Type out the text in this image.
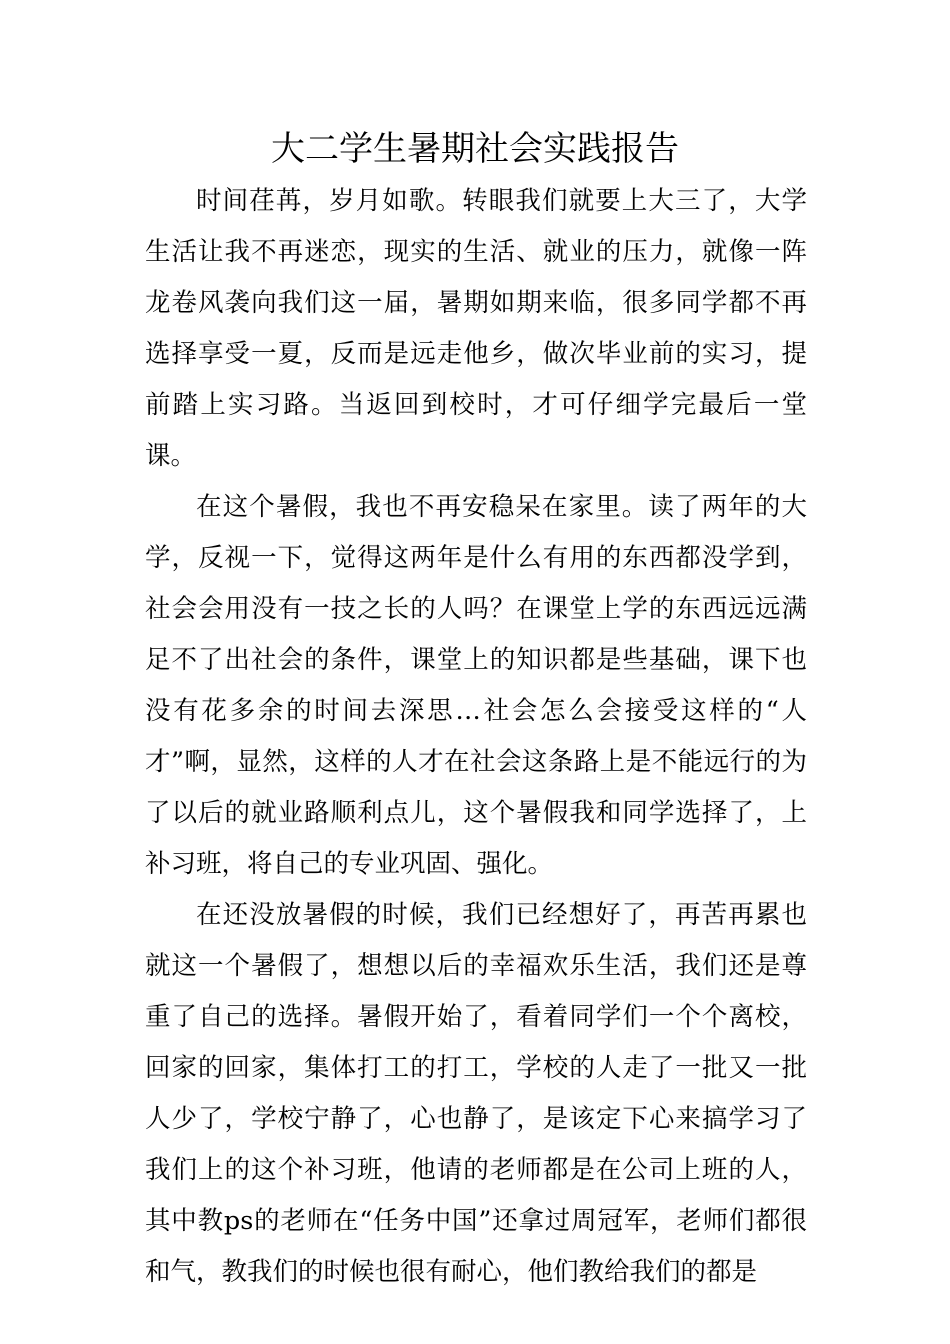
大二学生暑期社会实践报告

时间荏苒，岁月如歌。转眼我们就要上大三了，大学生活让我不再迷恋，现实的生活、就业的压力，就像一阵龙卷风袭向我们这一届，暑期如期来临，很多同学都不再选择享受一夏，反而是远走他乡，做次毕业前的实习，提前踏上实习路。当返回到校时，才可仔细学完最后一堂课。

在这个暑假，我也不再安稳呆在家里。读了两年的大学，反视一下，觉得这两年是什么有用的东西都没学到，社会会用没有一技之长的人吗？在课堂上学的东西远远满足不了出社会的条件，课堂上的知识都是些基础，课下也没有花多余的时间去深思…社会怎么会接受这样的“人才”啊，显然，这样的人才在社会这条路上是不能远行的为了以后的就业路顺利点儿，这个暑假我和同学选择了，上补习班，将自己的专业巩固、强化。

在还没放暑假的时候，我们已经想好了，再苦再累也就这一个暑假了，想想以后的幸福欢乐生活，我们还是尊重了自己的选择。暑假开始了，看着同学们一个个离校，回家的回家，集体打工的打工，学校的人走了一批又一批人少了，学校宁静了，心也静了，是该定下心来搞学习了我们上的这个补习班，他请的老师都是在公司上班的人，其中教ps的老师在“任务中国”还拿过周冠军，老师们都很和气，教我们的时候也很有耐心，他们教给我们的都是
